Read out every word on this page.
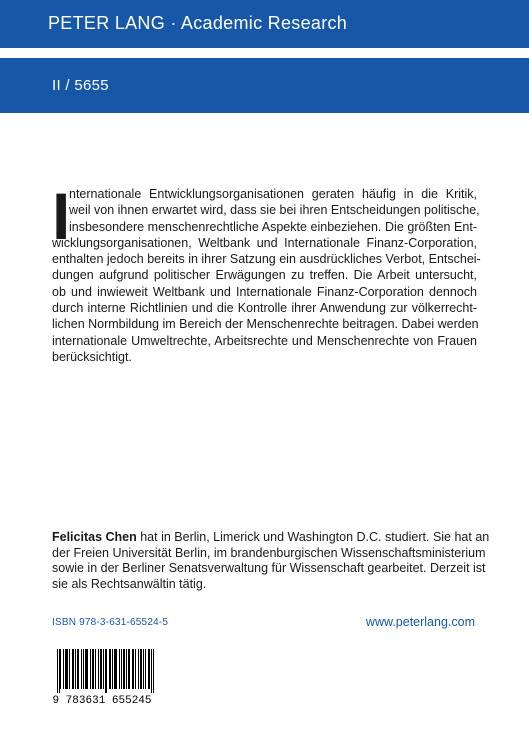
PETER LANG · Academic Research
II / 5655
I
nternationale Entwicklungsorganisationen geraten häufig in die Kritik,
weil von ihnen erwartet wird, dass sie bei ihren Entscheidungen politische,
insbesondere menschenrechtliche Aspekte einbeziehen. Die größten Ent-
wicklungsorganisationen, Weltbank und Internationale Finanz-Corporation,
enthalten jedoch bereits in ihrer Satzung ein ausdrückliches Verbot, Entschei-
dungen aufgrund politischer Erwägungen zu treffen. Die Arbeit untersucht,
ob und inwieweit Weltbank und Internationale Finanz-Corporation dennoch
durch interne Richtlinien und die Kontrolle ihrer Anwendung zur völkerrecht-
lichen Normbildung im Bereich der Menschenrechte beitragen. Dabei werden
internationale Umweltrechte, Arbeitsrechte und Menschenrechte von Frauen
berücksichtigt.
Felicitas Chen hat in Berlin, Limerick und Washington D.C. studiert. Sie hat an
der Freien Universität Berlin, im brandenburgischen Wissenschaftsministerium
sowie in der Berliner Senatsverwaltung für Wissenschaft gearbeitet. Derzeit ist
sie als Rechtsanwältin tätig.
ISBN 978-3-631-65524-5	www.peterlang.com
9 783631 655245
